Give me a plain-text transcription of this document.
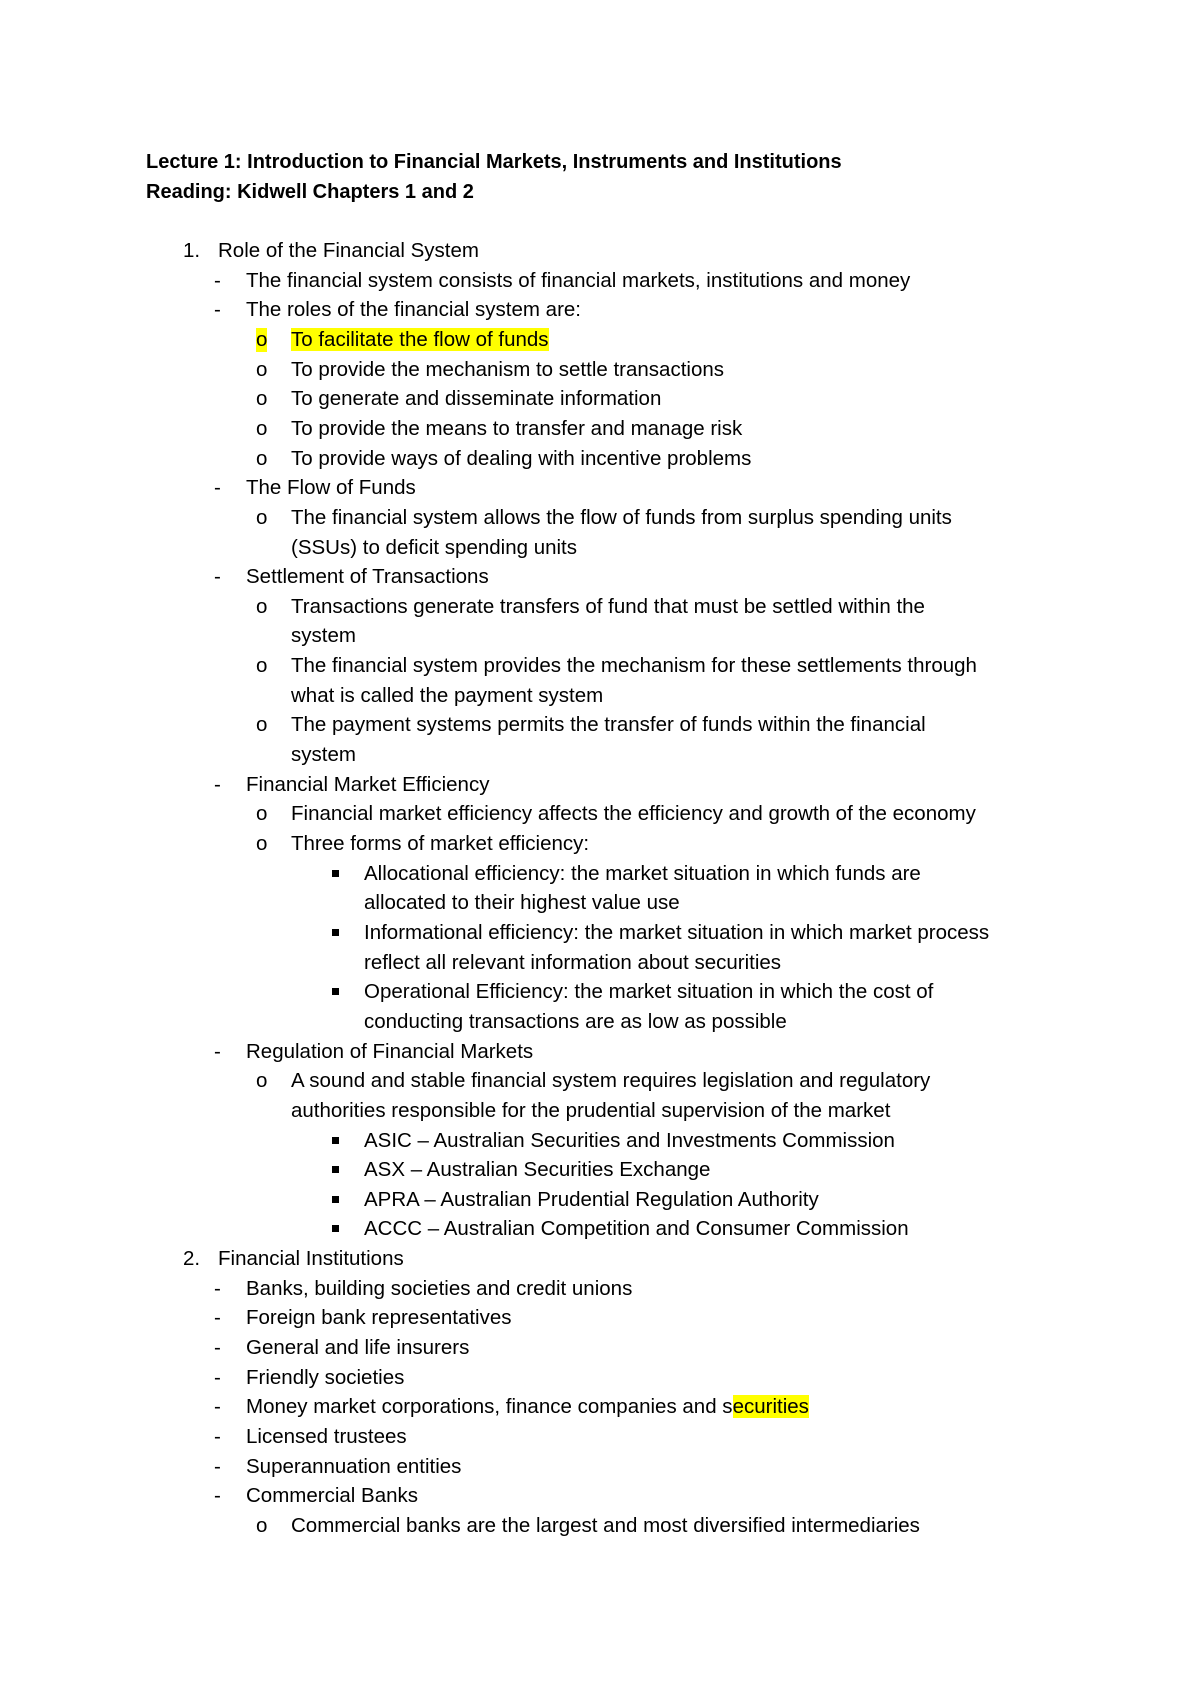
Lecture 1: Introduction to Financial Markets, Instruments and Institutions
Reading: Kidwell Chapters 1 and 2
1. Role of the Financial System
- The financial system consists of financial markets, institutions and money
- The roles of the financial system are:
o To facilitate the flow of funds
o To provide the mechanism to settle transactions
o To generate and disseminate information
o To provide the means to transfer and manage risk
o To provide ways of dealing with incentive problems
- The Flow of Funds
o The financial system allows the flow of funds from surplus spending units
(SSUs) to deficit spending units
- Settlement of Transactions
o Transactions generate transfers of fund that must be settled within the
system
o The financial system provides the mechanism for these settlements through
what is called the payment system
o The payment systems permits the transfer of funds within the financial
system
- Financial Market Efficiency
o Financial market efficiency affects the efficiency and growth of the economy
o Three forms of market efficiency:
Allocational efficiency: the market situation in which funds are
allocated to their highest value use
Informational efficiency: the market situation in which market process
reflect all relevant information about securities
Operational Efficiency: the market situation in which the cost of
conducting transactions are as low as possible
- Regulation of Financial Markets
o A sound and stable financial system requires legislation and regulatory
authorities responsible for the prudential supervision of the market
ASIC – Australian Securities and Investments Commission
ASX – Australian Securities Exchange
APRA – Australian Prudential Regulation Authority
ACCC – Australian Competition and Consumer Commission
2. Financial Institutions
- Banks, building societies and credit unions
- Foreign bank representatives
- General and life insurers
- Friendly societies
- Money market corporations, finance companies and securities
- Licensed trustees
- Superannuation entities
- Commercial Banks
o Commercial banks are the largest and most diversified intermediaries
